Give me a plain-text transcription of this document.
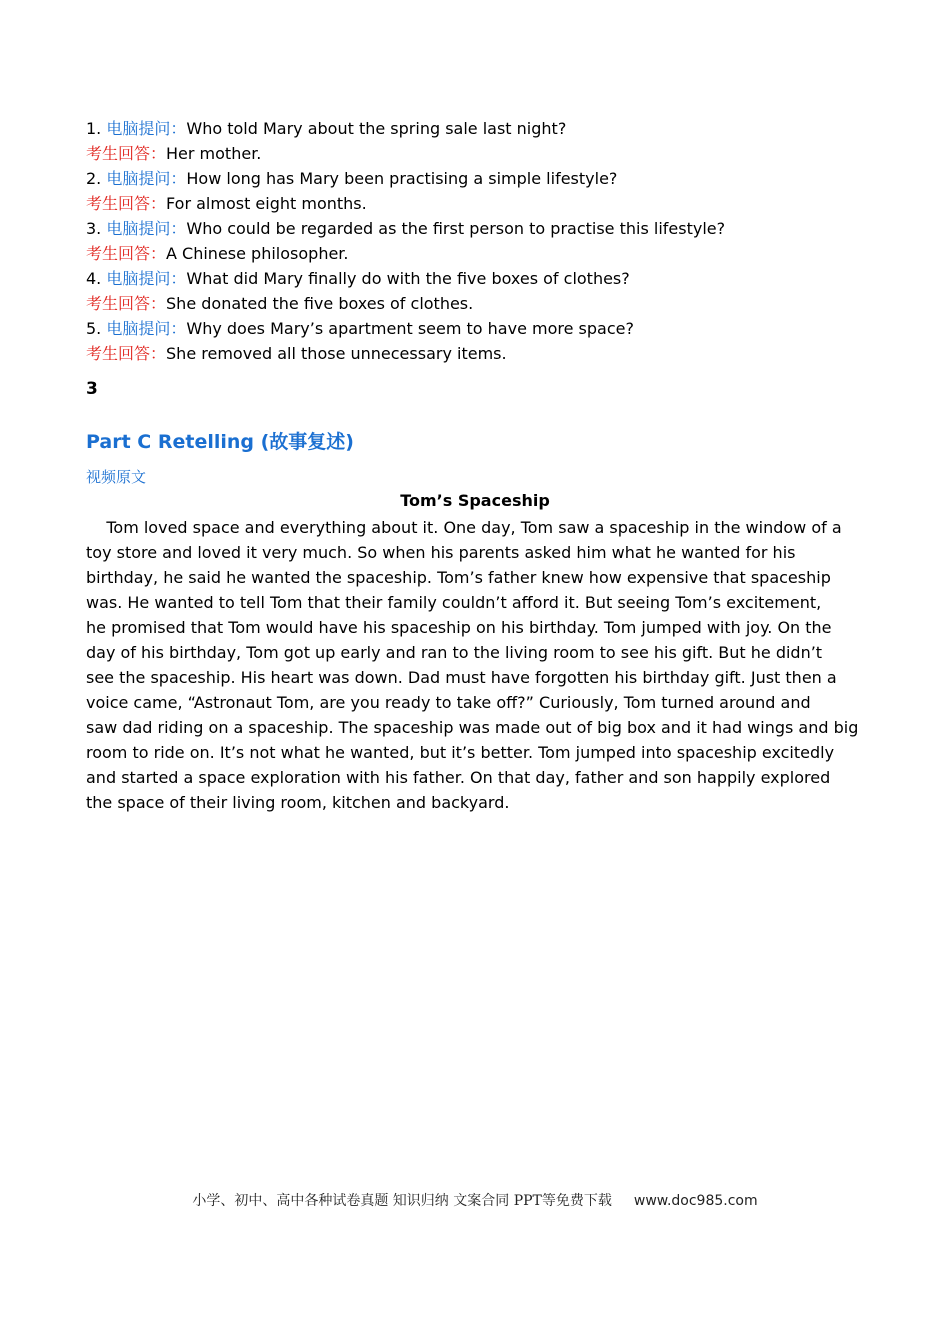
1. 电脑提问：Who told Mary about the spring sale last night?
考生回答：Her mother.
2. 电脑提问：How long has Mary been practising a simple lifestyle?
考生回答：For almost eight months.
3. 电脑提问：Who could be regarded as the first person to practise this lifestyle?
考生回答：A Chinese philosopher.
4. 电脑提问：What did Mary finally do with the five boxes of clothes?
考生回答：She donated the five boxes of clothes.
5. 电脑提问：Why does Mary’s apartment seem to have more space?
考生回答：She removed all those unnecessary items.
3
Part C Retelling (故事复述)
视频原文
Tom’s Spaceship
Tom loved space and everything about it. One day, Tom saw a spaceship in the window of a
toy store and loved it very much. So when his parents asked him what he wanted for his
birthday, he said he wanted the spaceship. Tom’s father knew how expensive that spaceship
was. He wanted to tell Tom that their family couldn’t afford it. But seeing Tom’s excitement,
he promised that Tom would have his spaceship on his birthday. Tom jumped with joy. On the
day of his birthday, Tom got up early and ran to the living room to see his gift. But he didn’t
see the spaceship. His heart was down. Dad must have forgotten his birthday gift. Just then a
voice came, “Astronaut Tom, are you ready to take off?” Curiously, Tom turned around and
saw dad riding on a spaceship. The spaceship was made out of big box and it had wings and big
room to ride on. It’s not what he wanted, but it’s better. Tom jumped into spaceship excitedly
and started a space exploration with his father. On that day, father and son happily explored
the space of their living room, kitchen and backyard.
小学、初中、高中各种试卷真题 知识归纳 文案合同 PPT等免费下载 www.doc985.com
